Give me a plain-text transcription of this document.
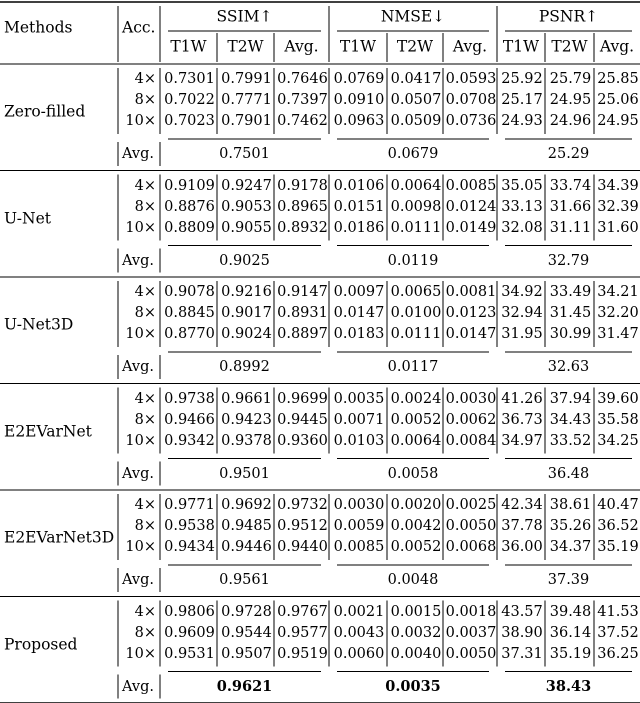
Methods	Acc.
SSIM↑
T1W T2W Avg.
NMSE↓
T1W T2W Avg.
PSNR↑
T1W T2W Avg.
Zero-filled
4× 0.7301 0.7991 0.7646 0.0769 0.0417 0.0593 25.92 25.79 25.85
8× 0.7022 0.7771 0.7397 0.0910 0.0507 0.0708 25.17 24.95 25.06
10× 0.7023 0.7901 0.7462 0.0963 0.0509 0.0736 24.93 24.96 24.95
Avg.	0.7501	0.0679	25.29
U-Net
4× 0.9109 0.9247 0.9178 0.0106 0.0064 0.0085 35.05 33.74 34.39
8× 0.8876 0.9053 0.8965 0.0151 0.0098 0.0124 33.13 31.66 32.39
10× 0.8809 0.9055 0.8932 0.0186 0.0111 0.0149 32.08 31.11 31.60
Avg.	0.9025	0.0119	32.79
U-Net3D
4× 0.9078 0.9216 0.9147 0.0097 0.0065 0.0081 34.92 33.49 34.21
8× 0.8845 0.9017 0.8931 0.0147 0.0100 0.0123 32.94 31.45 32.20
10× 0.8770 0.9024 0.8897 0.0183 0.0111 0.0147 31.95 30.99 31.47
Avg.	0.8992	0.0117	32.63
E2EVarNet
4× 0.9738 0.9661 0.9699 0.0035 0.0024 0.0030 41.26 37.94 39.60
8× 0.9466 0.9423 0.9445 0.0071 0.0052 0.0062 36.73 34.43 35.58
10× 0.9342 0.9378 0.9360 0.0103 0.0064 0.0084 34.97 33.52 34.25
Avg.	0.9501	0.0058	36.48
E2EVarNet3D
4× 0.9771 0.9692 0.9732 0.0030 0.0020 0.0025 42.34 38.61 40.47
8× 0.9538 0.9485 0.9512 0.0059 0.0042 0.0050 37.78 35.26 36.52
10× 0.9434 0.9446 0.9440 0.0085 0.0052 0.0068 36.00 34.37 35.19
Avg.	0.9561	0.0048	37.39
Proposed
4× 0.9806 0.9728 0.9767 0.0021 0.0015 0.0018 43.57 39.48 41.53
8× 0.9609 0.9544 0.9577 0.0043 0.0032 0.0037 38.90 36.14 37.52
10× 0.9531 0.9507 0.9519 0.0060 0.0040 0.0050 37.31 35.19 36.25
Avg.	0.9621	0.0035	38.43
